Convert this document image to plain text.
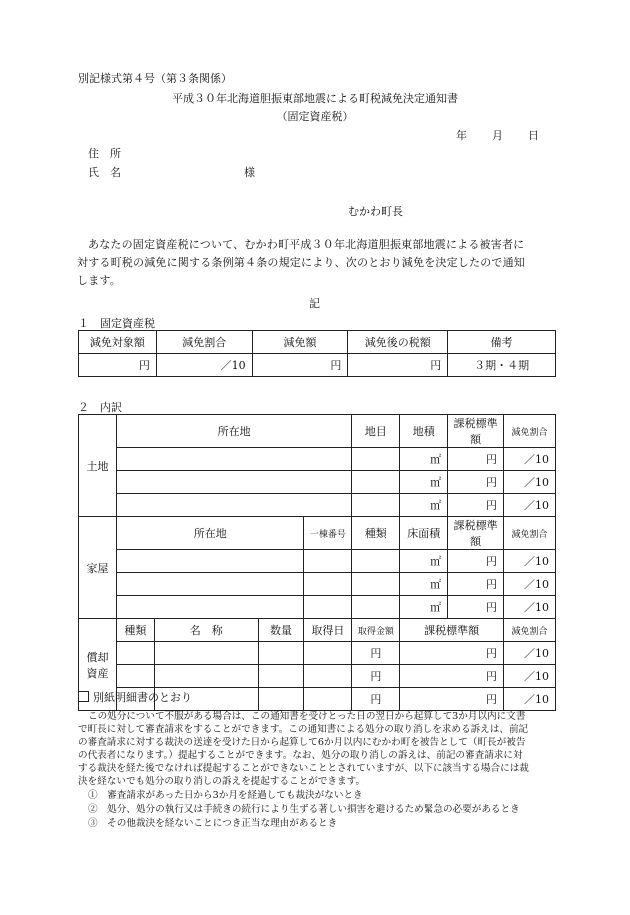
別記様式第４号（第３条関係）
平成３０年北海道胆振東部地震による町税減免決定通知書
（固定資産税）
年 月 日
住　所
氏　名	様
むかわ町長
あなたの固定資産税について、むかわ町平成３０年北海道胆振東部地震による被害者に
対する町税の減免に関する条例第４条の規定により、次のとおり減免を決定したので通知
します。
記
１　固定資産税
減免対象額	減免割合	減免額	減免後の税額	備考
円	／10	円	円	３期・４期
２　内訳
土地	所在地				地目	地積	課税標準額	減免割合
						㎡	円	／10
						㎡	円	／10
						㎡	円	／10
家屋	所在地			一棟番号	種類	床面積	課税標準額	減免割合
						㎡	円	／10
						㎡	円	／10
						㎡	円	／10

償却
資産	種類	名　称	数量	取得日	取得金額	課税標準額		減免割合
					円	円		／10
					円	円		／10
					円	円		／10
別紙明細書のとおり
この処分について不服がある場合は、この通知書を受けとった日の翌日から起算して3か月以内に文書
で町長に対して審査請求をすることができます。この通知書による処分の取り消しを求める訴えは、前記
の審査請求に対する裁決の送達を受けた日から起算して6か月以内にむかわ町を被告として（町長が被告
の代表者になります。）提起することができます。なお、処分の取り消しの訴えは、前記の審査請求に対
する裁決を経た後でなければ提起することができないこととされていますが、以下に該当する場合には裁
決を経ないでも処分の取り消しの訴えを提起することができます。
①　審査請求があった日から3か月を経過しても裁決がないとき
②　処分、処分の執行又は手続きの続行により生ずる著しい損害を避けるため緊急の必要があるとき
③　その他裁決を経ないことにつき正当な理由があるとき
